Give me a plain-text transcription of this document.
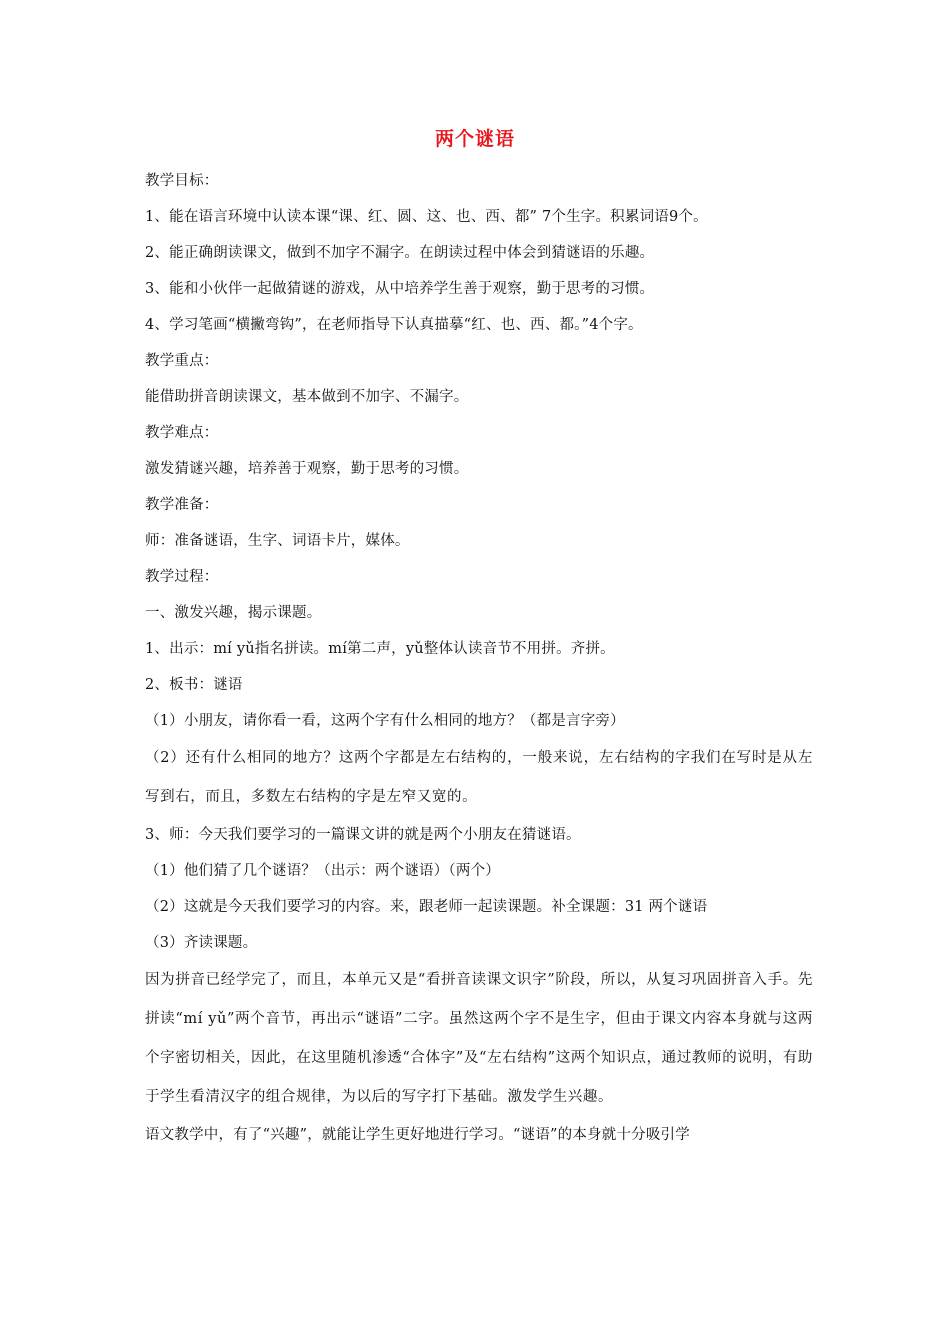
两个谜语
教学目标：
1、能在语言环境中认读本课“课、红、圆、这、也、西、都” 7个生字。积累词语9个。
2、能正确朗读课文，做到不加字不漏字。在朗读过程中体会到猜谜语的乐趣。
3、能和小伙伴一起做猜谜的游戏，从中培养学生善于观察，勤于思考的习惯。
4、学习笔画“横撇弯钩”，在老师指导下认真描摹“红、也、西、都。”4个字。
教学重点：
能借助拼音朗读课文，基本做到不加字、不漏字。
教学难点：
激发猜谜兴趣，培养善于观察，勤于思考的习惯。
教学准备：
师：准备谜语，生字、词语卡片，媒体。
教学过程：
一、激发兴趣，揭示课题。
1、出示：mí yǔ指名拼读。mí第二声，yǔ整体认读音节不用拼。齐拼。
2、板书：谜语
（1）小朋友，请你看一看，这两个字有什么相同的地方？（都是言字旁）
（2）还有什么相同的地方？这两个字都是左右结构的，一般来说，左右结构的字我们在写时是从左写到右，而且，多数左右结构的字是左窄又宽的。
3、师：今天我们要学习的一篇课文讲的就是两个小朋友在猜谜语。
（1）他们猜了几个谜语？（出示：两个谜语）（两个）
（2）这就是今天我们要学习的内容。来，跟老师一起读课题。补全课题：31 两个谜语
（3）齐读课题。
因为拼音已经学完了，而且，本单元又是“看拼音读课文识字”阶段，所以，从复习巩固拼音入手。先拼读“mí yǔ”两个音节，再出示“谜语”二字。虽然这两个字不是生字，但由于课文内容本身就与这两个字密切相关，因此，在这里随机渗透“合体字”及“左右结构”这两个知识点，通过教师的说明，有助于学生看清汉字的组合规律，为以后的写字打下基础。激发学生兴趣。
语文教学中，有了“兴趣”，就能让学生更好地进行学习。“谜语”的本身就十分吸引学
